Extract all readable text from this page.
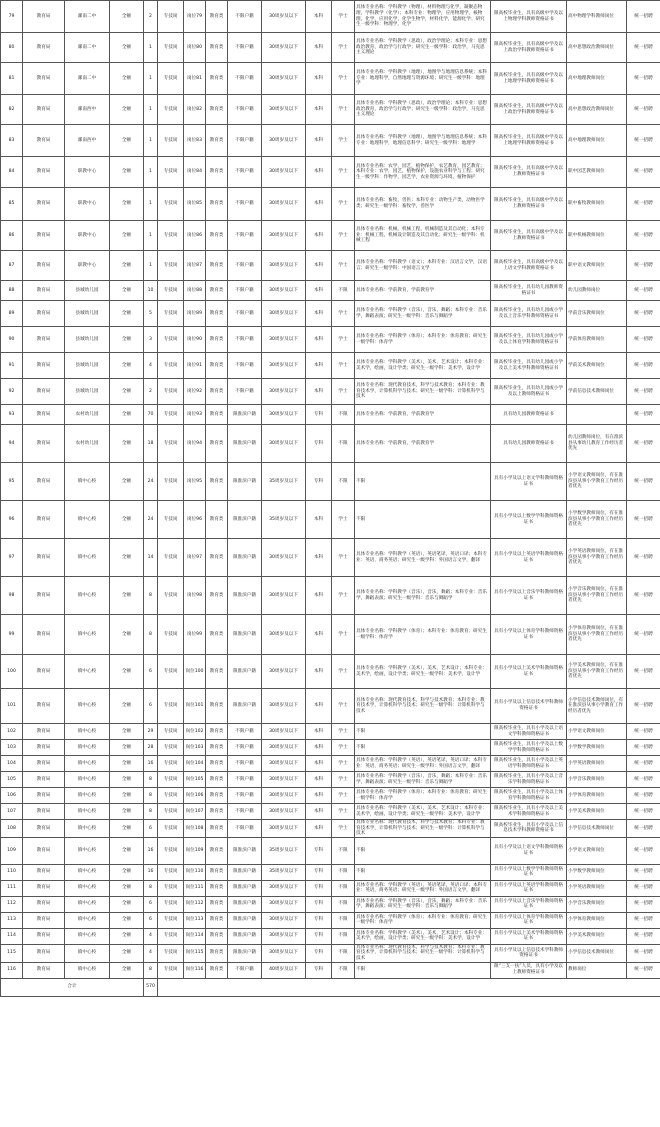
79	教育局	漯南二中	全额	2	专技岗	岗位79	教育类	不限户籍	30周岁及以下	本科	学士	具体专业名称：学科教学（物理），材料物理与化学，凝聚态物理，学科教学（化学）；本科专业：物理学，应用物理学，核物理，化学，应用化学，化学生物学，材料化学，能源化学；研究生一级学科：物理学，化学	限高校毕业生，具有高级中学及以上物理学科教师资格证书	高中物理学科教师岗位	统一招聘
80	教育局	漯南二中	全额	1	专技岗	岗位80	教育类	不限户籍	30周岁及以下	本科	学士	具体专业名称：学科教学（思政），政治学理论；本科专业：思想政治教育，政治学与行政学；研究生一级学科：政治学，马克思主义理论	限高校毕业生，具有高级中学及以上政治学科教师资格证书	高中思想政治教师岗位	统一招聘
81	教育局	漯南二中	全额	1	专技岗	岗位81	教育类	不限户籍	30周岁及以下	本科	学士	具体专业名称：学科教学（地理），地图学与地理信息系统；本科专业：地理科学，自然地理与资源环境；研究生一级学科：地理学	限高校毕业生，具有高级中学及以上地理学科教师资格证书	高中地理教师岗位	统一招聘
82	教育局	漯南西中	全额	1	专技岗	岗位82	教育类	不限户籍	30周岁及以下	本科	学士	具体专业名称：学科教学（思政），政治学理论；本科专业：思想政治教育，政治学与行政学；研究生一级学科：政治学，马克思主义理论	限高校毕业生，具有高级中学及以上政治学科教师资格证书	高中思想政治教师岗位	统一招聘
83	教育局	漯南西中	全额	1	专技岗	岗位83	教育类	不限户籍	30周岁及以下	本科	学士	具体专业名称：学科教学（地理），地图学与地理信息系统；本科专业：地理科学，地理信息科学；研究生一级学科：地理学	限高校毕业生，具有高级中学及以上地理学科教师资格证书	高中地理教师岗位	统一招聘
84	教育局	职教中心	全额	1	专技岗	岗位84	教育类	不限户籍	30周岁及以下	本科	学士	具体专业名称：农学，园艺，植物保护，农艺教育，园艺教育；本科专业：农学，园艺，植物保护，设施农业科学与工程；研究生一级学科：作物学，园艺学，农业资源与环境，植物保护	限高校毕业生，具有高级中学及以上教师资格证书	职中园艺教师岗位	统一招聘
85	教育局	职教中心	全额	1	专技岗	岗位85	教育类	不限户籍	30周岁及以下	本科	学士	具体专业名称：畜牧，兽医；本科专业：动物生产类，动物医学类；研究生一级学科：畜牧学，兽医学	限高校毕业生，具有高级中学及以上教师资格证书	职中畜牧教师岗位	统一招聘
86	教育局	职教中心	全额	1	专技岗	岗位86	教育类	不限户籍	30周岁及以下	本科	学士	具体专业名称：机械，机械工程，机械制造及其自动化；本科专业：机械工程，机械设计制造及其自动化；研究生一级学科：机械工程	限高校毕业生，具有高级中学及以上教师资格证书	职中机械教师岗位	统一招聘
87	教育局	职教中心	全额	1	专技岗	岗位87	教育类	不限户籍	30周岁及以下	本科	学士	具体专业名称：学科教学（语文）；本科专业：汉语言文学，汉语言；研究生一级学科：中国语言文学	限高校毕业生，具有高级中学及以上语文学科教师资格证书	职中语文教师岗位	统一招聘
88	教育局	县城幼儿园	全额	10	专技岗	岗位88	教育类	不限户籍	30周岁及以下	本科	不限	具体专业名称：学前教育，学前教育学	限高校毕业生，具有幼儿园教师资格证书	幼儿园教师岗位	统一招聘
89	教育局	县城幼儿园	全额	5	专技岗	岗位89	教育类	不限户籍	30周岁及以下	本科	学士	具体专业名称：学科教学（音乐），音乐，舞蹈；本科专业：音乐学，舞蹈表演；研究生一级学科：音乐与舞蹈学	限高校毕业生，具有幼儿园或小学及以上音乐学科教师资格证书	学前音乐教师岗位	统一招聘
90	教育局	县城幼儿园	全额	3	专技岗	岗位90	教育类	不限户籍	30周岁及以下	本科	学士	具体专业名称：学科教学（体育）；本科专业：体育教育；研究生一级学科：体育学	限高校毕业生，具有幼儿园或小学及以上体育学科教师资格证书	学前体育教师岗位	统一招聘
91	教育局	县城幼儿园	全额	4	专技岗	岗位91	教育类	不限户籍	30周岁及以下	本科	学士	具体专业名称：学科教学（美术），美术，艺术设计；本科专业：美术学，绘画，设计学类；研究生一级学科：美术学，设计学	限高校毕业生，具有幼儿园或小学及以上美术学科教师资格证书	学前美术教师岗位	统一招聘
92	教育局	县城幼儿园	全额	2	专技岗	岗位92	教育类	不限户籍	30周岁及以下	本科	学士	具体专业名称：现代教育技术，科学与技术教育；本科专业：教育技术学，计算机科学与技术；研究生一级学科：计算机科学与技术	限高校毕业生，具有幼儿园或小学及以上教师资格证书	学前信息技术教师岗位	统一招聘
93	教育局	农村幼儿园	全额	70	专技岗	岗位93	教育类	限淮滨户籍	30周岁及以下	专科	不限	具体专业名称：学前教育，学前教育学	具有幼儿园教师资格证书		统一招聘
94	教育局	农村幼儿园	全额	18	专技岗	岗位94	教育类	限淮滨户籍	30周岁及以下	专科	不限	具体专业名称：学前教育，学前教育学	具有幼儿园教师资格证书	幼儿园教师岗位，有在淮滨县从事幼儿教育工作经历者优先	统一招聘
95	教育局	镇中心校	全额	24	专技岗	岗位95	教育类	限淮滨户籍	35周岁及以下	专科	不限	不限	具有小学及以上语文学科教师资格证书	小学语文教师岗位，有在淮滨县从事小学教育工作经历者优先	统一招聘
96	教育局	镇中心校	全额	24	专技岗	岗位96	教育类	限淮滨户籍	35周岁及以下	本科	学士	不限	具有小学及以上数学学科教师资格证书	小学数学教师岗位，有在淮滨县从事小学教育工作经历者优先	统一招聘
97	教育局	镇中心校	全额	14	专技岗	岗位97	教育类	限淮滨户籍	30周岁及以下	本科	学士	具体专业名称：学科教学（英语），英语笔译，英语口译；本科专业：英语，商务英语；研究生一级学科：外国语言文学，翻译	具有小学及以上英语学科教师资格证书	小学英语教师岗位，有在淮滨县从事小学教育工作经历者优先	统一招聘
98	教育局	镇中心校	全额	8	专技岗	岗位98	教育类	限淮滨户籍	30周岁及以下	本科	学士	具体专业名称：学科教学（音乐），音乐，舞蹈；本科专业：音乐学，舞蹈表演；研究生一级学科：音乐与舞蹈学	具有小学及以上音乐学科教师资格证书	小学音乐教师岗位，有在淮滨县从事小学教育工作经历者优先	统一招聘
99	教育局	镇中心校	全额	8	专技岗	岗位99	教育类	限淮滨户籍	30周岁及以下	本科	学士	具体专业名称：学科教学（体育）；本科专业：体育教育；研究生一级学科：体育学	具有小学及以上体育学科教师资格证书	小学体育教师岗位，有在淮滨县从事小学教育工作经历者优先	统一招聘
100	教育局	镇中心校	全额	6	专技岗	岗位100	教育类	限淮滨户籍	30周岁及以下	本科	学士	具体专业名称：学科教学（美术），美术，艺术设计；本科专业：美术学，绘画，设计学类；研究生一级学科：美术学，设计学	具有小学及以上美术学科教师资格证书	小学美术教师岗位，有在淮滨县从事小学教育工作经历者优先	统一招聘
101	教育局	镇中心校	全额	6	专技岗	岗位101	教育类	限淮滨户籍	30周岁及以下	本科	学士	具体专业名称：现代教育技术，科学与技术教育；本科专业：教育技术学，计算机科学与技术；研究生一级学科：计算机科学与技术	具有小学及以上信息技术学科教师资格证书	小学信息技术教师岗位，有在淮滨县从事小学教育工作经历者优先	统一招聘
102	教育局	镇中心校	全额	29	专技岗	岗位102	教育类	不限户籍	30周岁及以下	本科	学士	不限	限高校毕业生，具有小学及以上语文学科教师资格证书	小学语文教师岗位	统一招聘
103	教育局	镇中心校	全额	28	专技岗	岗位103	教育类	不限户籍	30周岁及以下	本科	学士	不限	限高校毕业生，具有小学及以上数学学科教师资格证书	小学数学教师岗位	统一招聘
104	教育局	镇中心校	全额	16	专技岗	岗位104	教育类	不限户籍	30周岁及以下	本科	学士	具体专业名称：学科教学（英语），英语笔译，英语口译；本科专业：英语，商务英语；研究生一级学科：外国语言文学，翻译	限高校毕业生，具有小学及以上英语学科教师资格证书	小学英语教师岗位	统一招聘
105	教育局	镇中心校	全额	8	专技岗	岗位105	教育类	不限户籍	30周岁及以下	本科	学士	具体专业名称：学科教学（音乐），音乐，舞蹈；本科专业：音乐学，舞蹈表演；研究生一级学科：音乐与舞蹈学	限高校毕业生，具有小学及以上音乐学科教师资格证书	小学音乐教师岗位	统一招聘
106	教育局	镇中心校	全额	8	专技岗	岗位106	教育类	不限户籍	30周岁及以下	本科	学士	具体专业名称：学科教学（体育）；本科专业：体育教育；研究生一级学科：体育学	限高校毕业生，具有小学及以上体育学科教师资格证书	小学体育教师岗位	统一招聘
107	教育局	镇中心校	全额	8	专技岗	岗位107	教育类	不限户籍	30周岁及以下	本科	学士	具体专业名称：学科教学（美术），美术，艺术设计；本科专业：美术学，绘画，设计学类；研究生一级学科：美术学，设计学	限高校毕业生，具有小学及以上美术学科教师资格证书	小学美术教师岗位	统一招聘
108	教育局	镇中心校	全额	6	专技岗	岗位108	教育类	不限户籍	30周岁及以下	本科	学士	具体专业名称：现代教育技术，科学与技术教育；本科专业：教育技术学，计算机科学与技术；研究生一级学科：计算机科学与技术	限高校毕业生，具有小学及以上信息技术学科教师资格证书	小学信息技术教师岗位	统一招聘
109	教育局	镇中心校	全额	16	专技岗	岗位109	教育类	限淮滨户籍	35周岁及以下	专科	不限	不限	具有小学及以上语文学科教师资格证书	小学语文教师岗位	统一招聘
110	教育局	镇中心校	全额	16	专技岗	岗位110	教育类	限淮滨户籍	35周岁及以下	专科	不限	不限	具有小学及以上数学学科教师资格证书	小学数学教师岗位	统一招聘
111	教育局	镇中心校	全额	8	专技岗	岗位111	教育类	限淮滨户籍	30周岁及以下	专科	不限	具体专业名称：学科教学（英语），英语笔译，英语口译；本科专业：英语，商务英语；研究生一级学科：外国语言文学，翻译	具有小学及以上英语学科教师资格证书	小学英语教师岗位	统一招聘
112	教育局	镇中心校	全额	6	专技岗	岗位112	教育类	限淮滨户籍	30周岁及以下	专科	不限	具体专业名称：学科教学（音乐），音乐，舞蹈；本科专业：音乐学，舞蹈表演；研究生一级学科：音乐与舞蹈学	具有小学及以上音乐学科教师资格证书	小学音乐教师岗位	统一招聘
113	教育局	镇中心校	全额	6	专技岗	岗位113	教育类	限淮滨户籍	30周岁及以下	专科	不限	具体专业名称：学科教学（体育）；本科专业：体育教育；研究生一级学科：体育学	具有小学及以上体育学科教师资格证书	小学体育教师岗位	统一招聘
114	教育局	镇中心校	全额	4	专技岗	岗位114	教育类	限淮滨户籍	30周岁及以下	专科	不限	具体专业名称：学科教学（美术），美术，艺术设计；本科专业：美术学，绘画，设计学类；研究生一级学科：美术学，设计学	具有小学及以上美术学科教师资格证书	小学美术教师岗位	统一招聘
115	教育局	镇中心校	全额	4	专技岗	岗位115	教育类	限淮滨户籍	30周岁及以下	专科	不限	具体专业名称：现代教育技术，科学与技术教育；本科专业：教育技术学，计算机科学与技术；研究生一级学科：计算机科学与技术	具有小学及以上信息技术学科教师资格证书	小学信息技术教师岗位	统一招聘
116	教育局	镇中心校	全额	8	专技岗	岗位116	教育类	不限户籍	40周岁及以下	专科	不限	不限	限“三支一扶”人员，具有小学及以上教师资格证书	教师岗位	统一招聘
合计				570											
